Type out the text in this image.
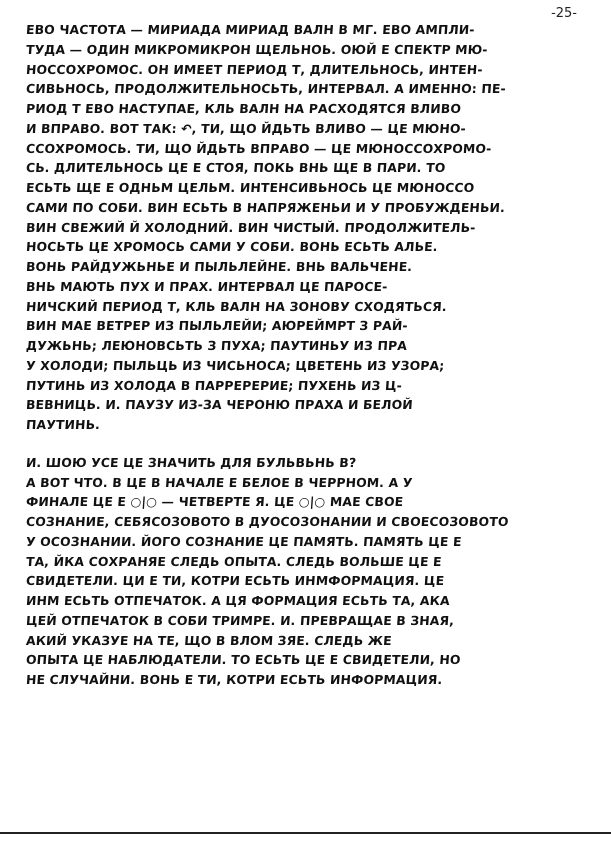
-25-
ЕВО ЧАСТОТА — МИРИАДА МИРИАД ВАЛН В МГ. ЕВО АМПЛИ-
ТУДА — ОДИН МИКРОМИКРОН ЩЕЛЬНОЬ. ОЮЙ Е СПЕКТР МЮ-
НОССОХРОМОС. ОН ИМЕЕТ ПЕРИОД Т, ДЛИТЕЛЬНОСЬ, ИНТЕН-
СИВЬНОСЬ, ПРОДОЛЖИТЕЛЬНОСЬТЬ, ИНТЕРВАЛ. А ИМЕННО: ПЕ-
РИОД Т ЕВО НАСТУПАЕ, КЛЬ ВАЛН НА РАСХОДЯТСЯ ВЛИВО
И ВПРАВО. ВОТ ТАК: ↶, ТИ, ЩО ЙДЬТЬ ВЛИВО — ЦЕ МЮНО-
ССОХРОМОСЬ. ТИ, ЩО ЙДЬТЬ ВПРАВО — ЦЕ МЮНОССОХРОМО-
СЬ. ДЛИТЕЛЬНОСЬ ЦЕ Е СТОЯ, ПОКЬ ВНЬ ЩЕ В ПАРИ. ТО
ЕСЬТЬ ЩЕ Е ОДНЬМ ЦЕЛЬМ. ИНТЕНСИВЬНОСЬ ЦЕ МЮНОССО
САМИ ПО СОБИ. ВИН ЕСЬТЬ В НАПРЯЖЕНЬИ И У ПРОБУЖДЕНЬИ.
ВИН СВЕЖИЙ Й ХОЛОДНИЙ. ВИН ЧИСТЫЙ. ПРОДОЛЖИТЕЛЬ-
НОСЬТЬ ЦЕ ХРОМОСЬ САМИ У СОБИ. ВОНЬ ЕСЬТЬ АЛЬЕ.
ВОНЬ РАЙДУЖЬНЬЕ И ПЫЛЬЛЕЙНЕ. ВНЬ ВАЛЬЧЕНЕ.
ВНЬ МАЮТЬ ПУХ И ПРАХ. ИНТЕРВАЛ ЦЕ ПАРОСЕ-
НИЧСКИЙ ПЕРИОД Т, КЛЬ ВАЛН НА ЗОНОВУ СХОДЯТЬСЯ.
ВИН МАЕ ВЕТРЕР ИЗ ПЫЛЬЛЕЙИ; АЮРЕЙМРТ З РАЙ-
ДУЖЬНЬ; ЛЕЮНОВСЬТЬ З ПУХА; ПАУТИНЬУ ИЗ ПРА
У ХОЛОДИ; ПЫЛЬЦЬ ИЗ ЧИСЬНОСА; ЦВЕТЕНЬ ИЗ УЗОРА;
ПУТИНЬ ИЗ ХОЛОДА В ПАРРЕРЕРИЕ; ПУХЕНЬ ИЗ Ц-
ВЕВНИЦЬ. И. ПАУЗУ ИЗ-ЗА ЧЕРОНЮ ПРАХА И БЕЛОЙ
ПАУТИНЬ.
И. ШОЮ УСЕ ЦЕ ЗНАЧИТЬ ДЛЯ БУЛЬВЬНЬ В?
А ВОТ ЧТО. В ЦЕ В НАЧАЛЕ Е БЕЛОЕ В ЧЕРРНОМ. А У
ФИНАЛЕ ЦЕ Е ○|○ — ЧЕТВЕРТЕ Я. ЦЕ ○|○ МАЕ СВОЕ
СОЗНАНИЕ, СЕБЯСОЗОВОТО В ДУОСОЗОНАНИИ И СВОЕСОЗОВОТО
У ОСОЗНАНИИ. ЙОГО СОЗНАНИЕ ЦЕ ПАМЯТЬ. ПАМЯТЬ ЦЕ Е
ТА, ЙКА СОХРАНЯЕ СЛЕДЬ ОПЫТА. СЛЕДЬ ВОЛЬШЕ ЦЕ Е
СВИДЕТЕЛИ. ЦИ Е ТИ, КОТРИ ЕСЬТЬ ИНМФОРМАЦИЯ. ЦЕ
ИНМ ЕСЬТЬ ОТПЕЧАТОК. А ЦЯ ФОРМАЦИЯ ЕСЬТЬ ТА, АКА
ЦЕЙ ОТПЕЧАТОК В СОБИ ТРИМРЕ. И. ПРЕВРАЩАЕ В ЗНАЯ,
АКИЙ УКАЗУЕ НА ТЕ, ЩО В ВЛОМ ЗЯЕ. СЛЕДЬ ЖЕ
ОПЫТА ЦЕ НАБЛЮДАТЕЛИ. ТО ЕСЬТЬ ЦЕ Е СВИДЕТЕЛИ, НО
НЕ СЛУЧАЙНИ. ВОНЬ Е ТИ, КОТРИ ЕСЬТЬ ИНФОРМАЦИЯ.
